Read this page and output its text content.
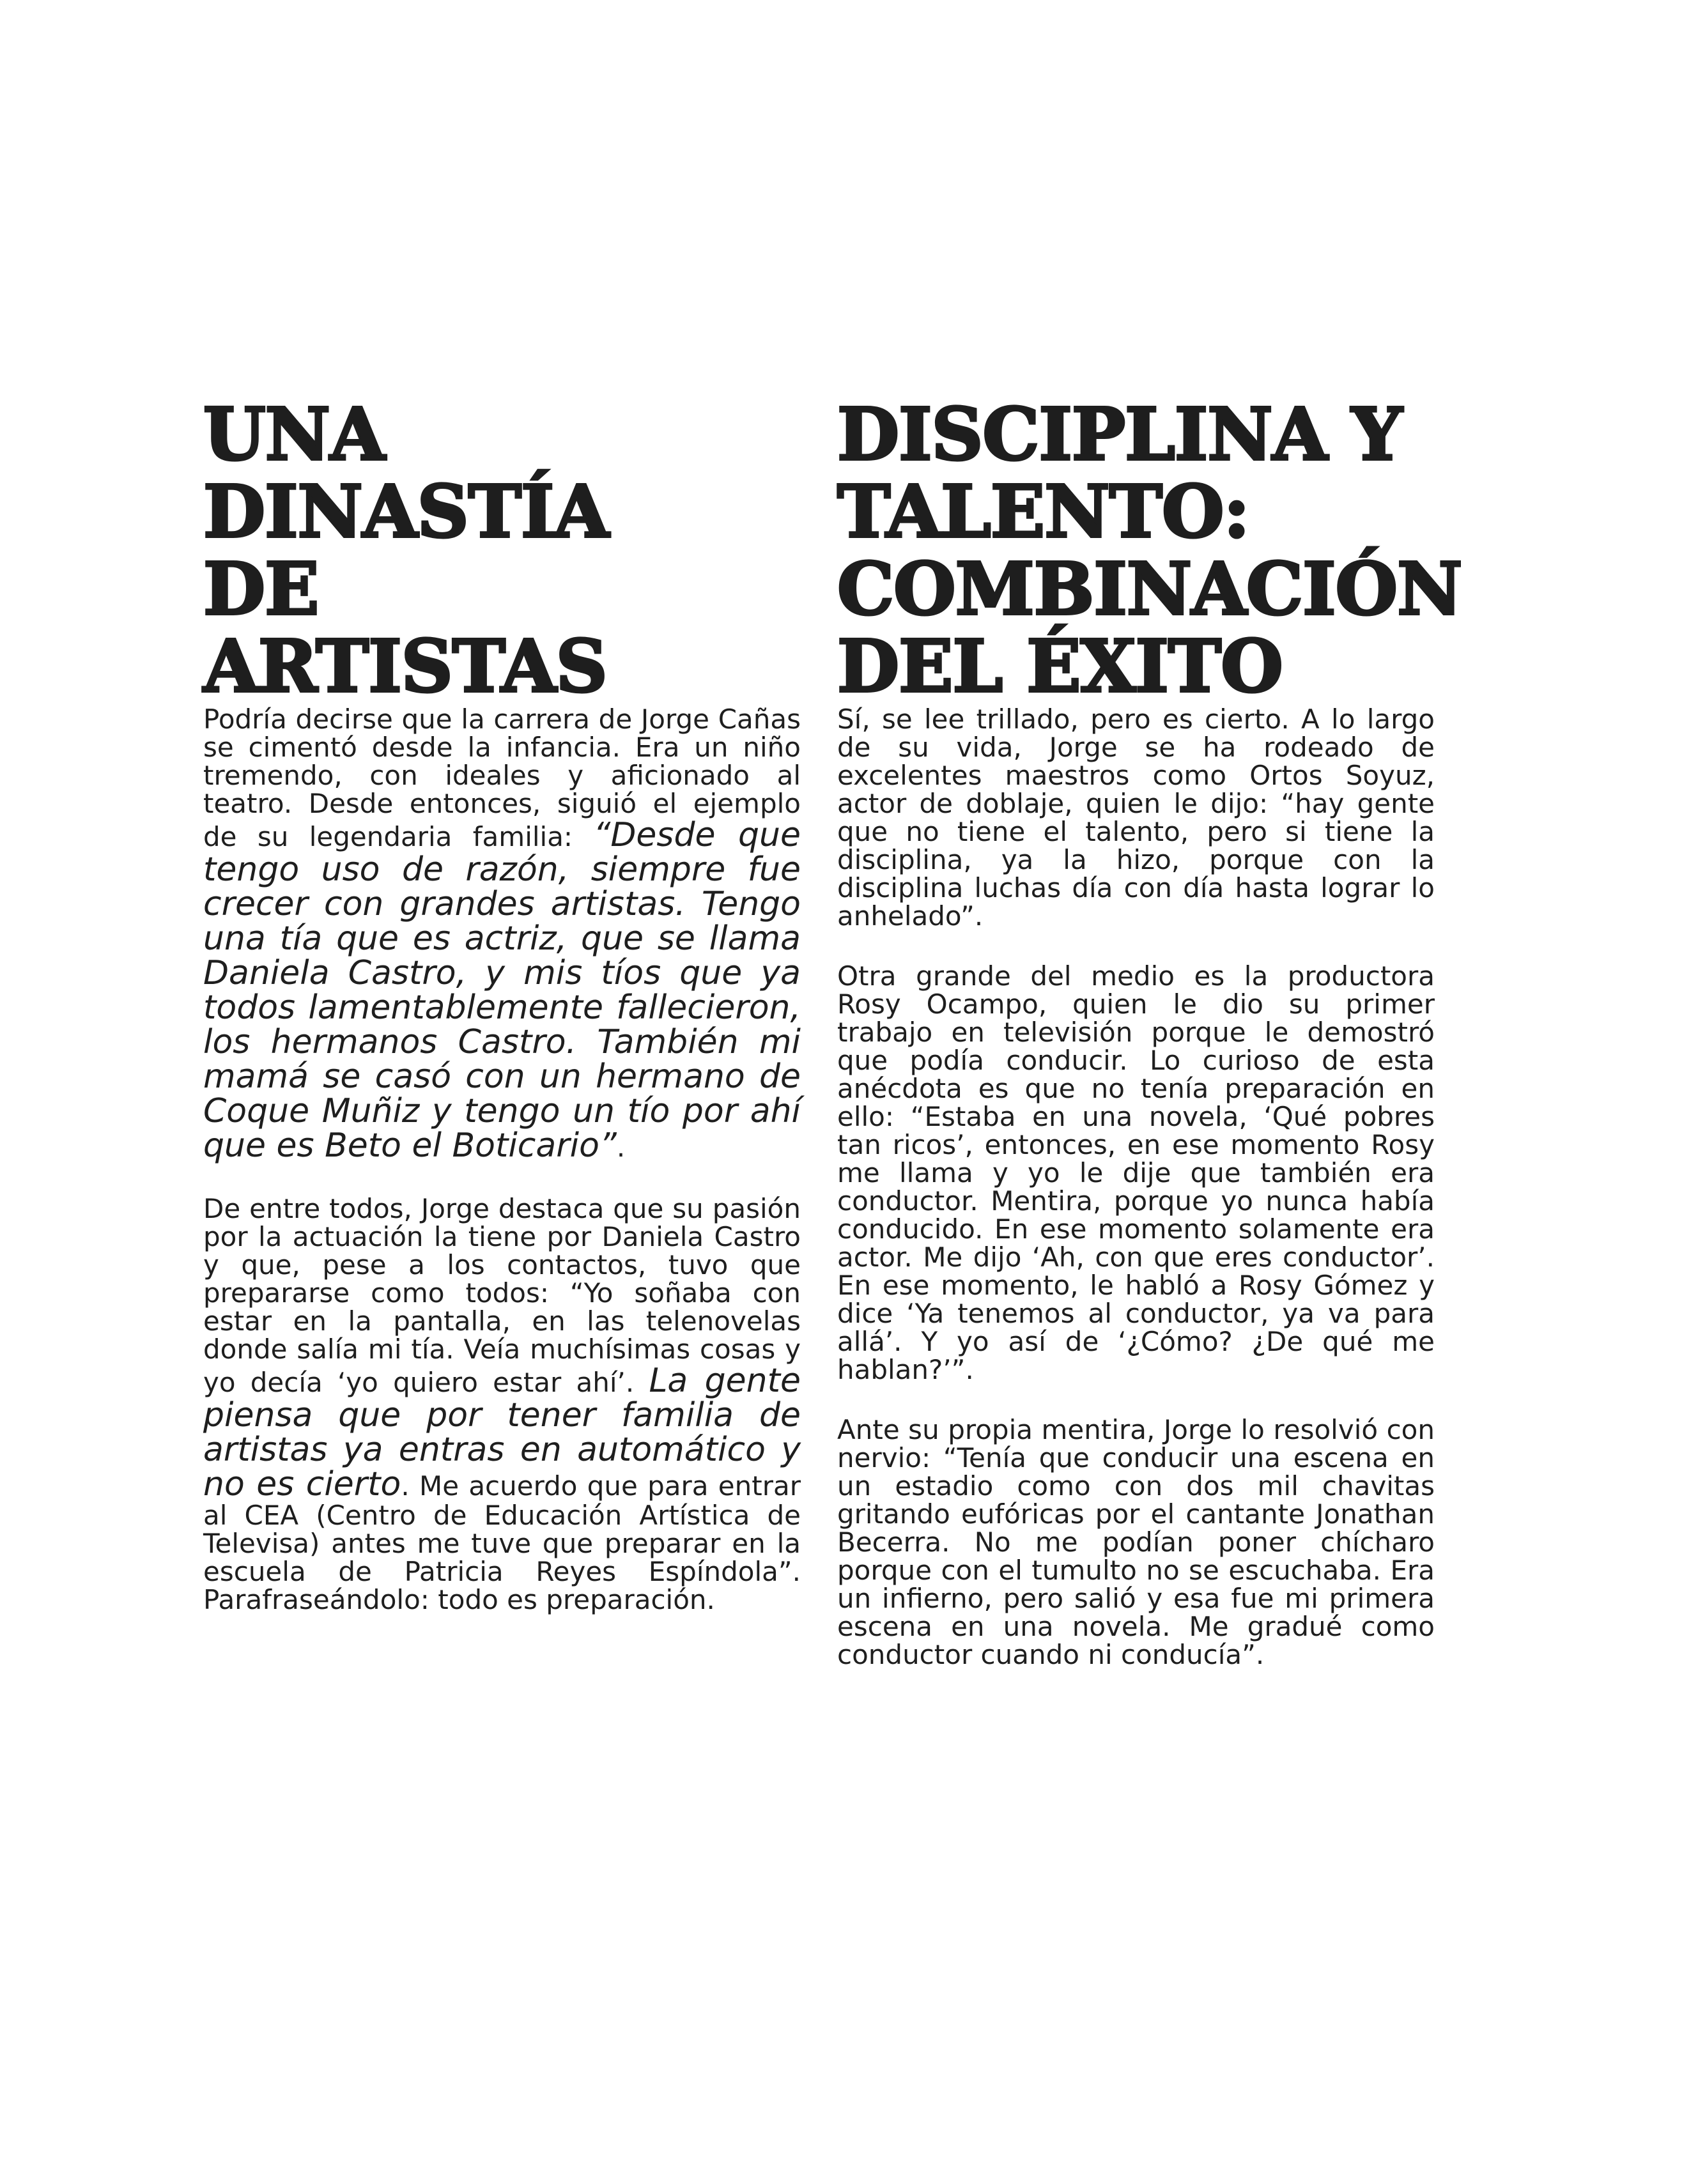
UNA
DINASTÍA
DE
ARTISTAS

Podría decirse que la carrera de Jorge Cañas se cimentó desde la infancia. Era un niño tremendo, con ideales y aficionado al teatro. Desde entonces, siguió el ejemplo de su legendaria familia: “Desde que tengo uso de razón, siempre fue crecer con grandes artistas. Tengo una tía que es actriz, que se llama Daniela Castro, y mis tíos que ya todos lamentablemente fallecieron, los hermanos Castro. También mi mamá se casó con un hermano de Coque Muñiz y tengo un tío por ahí que es Beto el Boticario”.

De entre todos, Jorge destaca que su pasión por la actuación la tiene por Daniela Castro y que, pese a los contactos, tuvo que prepararse como todos: “Yo soñaba con estar en la pantalla, en las telenovelas donde salía mi tía. Veía muchísimas cosas y yo decía ‘yo quiero estar ahí’. La gente piensa que por tener familia de artistas ya entras en automático y no es cierto. Me acuerdo que para entrar al CEA (Centro de Educación Artística de Televisa) antes me tuve que preparar en la escuela de Patricia Reyes Espíndola”. Parafraseándolo: todo es preparación.

DISCIPLINA Y
TALENTO:
COMBINACIÓN
DEL ÉXITO

Sí, se lee trillado, pero es cierto. A lo largo de su vida, Jorge se ha rodeado de excelentes maestros como Ortos Soyuz, actor de doblaje, quien le dijo: “hay gente que no tiene el talento, pero si tiene la disciplina, ya la hizo, porque con la disciplina luchas día con día hasta lograr lo anhelado”.

Otra grande del medio es la productora Rosy Ocampo, quien le dio su primer trabajo en televisión porque le demostró que podía conducir. Lo curioso de esta anécdota es que no tenía preparación en ello: “Estaba en una novela, ‘Qué pobres tan ricos’, entonces, en ese momento Rosy me llama y yo le dije que también era conductor. Mentira, porque yo nunca había conducido. En ese momento solamente era actor. Me dijo ‘Ah, con que eres conductor’. En ese momento, le habló a Rosy Gómez y dice ‘Ya tenemos al conductor, ya va para allá’. Y yo así de ‘¿Cómo? ¿De qué me hablan?’”.

Ante su propia mentira, Jorge lo resolvió con nervio: “Tenía que conducir una escena en un estadio como con dos mil chavitas gritando eufóricas por el cantante Jonathan Becerra. No me podían poner chícharo porque con el tumulto no se escuchaba. Era un infierno, pero salió y esa fue mi primera escena en una novela. Me gradué como conductor cuando ni conducía”.
